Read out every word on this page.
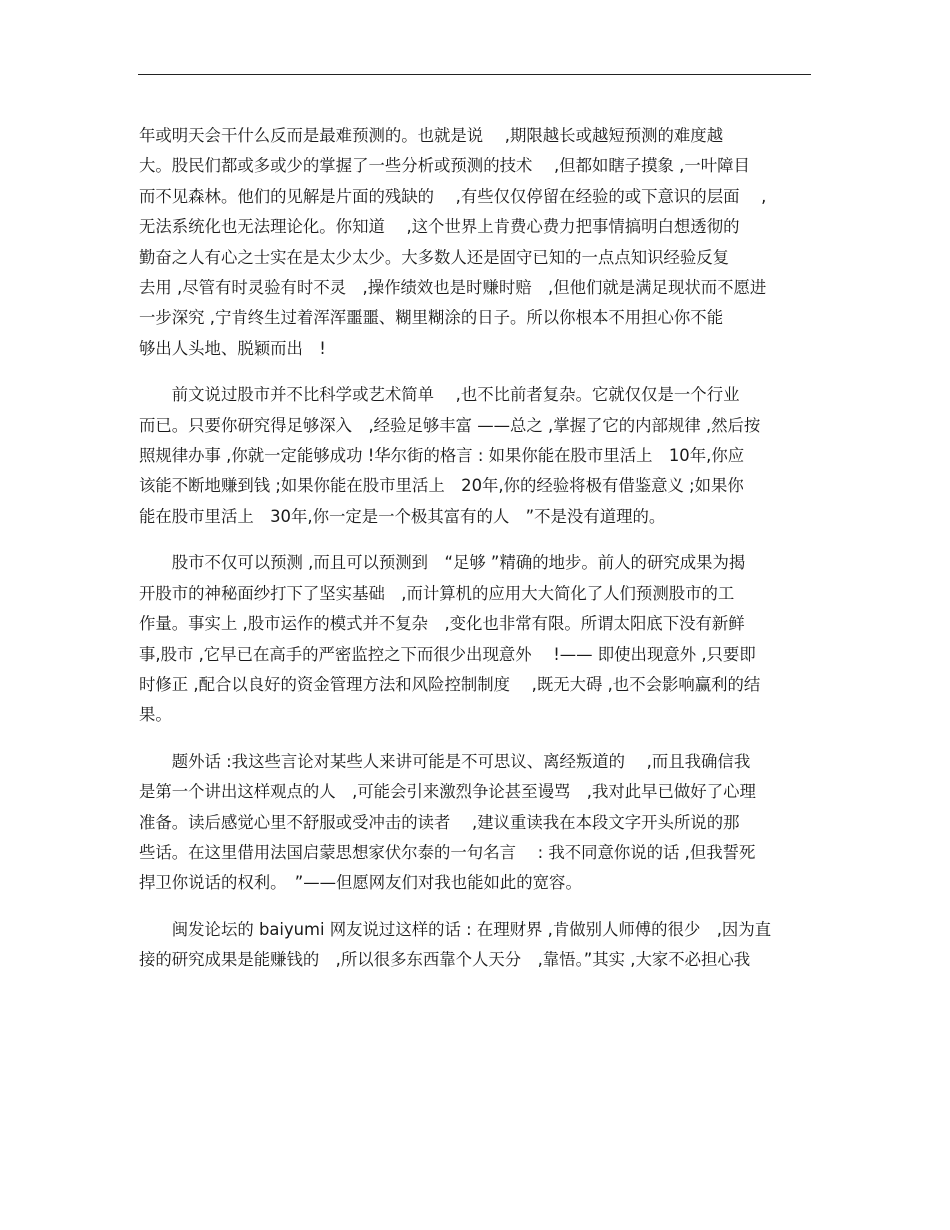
年或明天会干什么反而是最难预测的。也就是说　 ,期限越长或越短预测的难度越
大。股民们都或多或少的掌握了一些分析或预测的技术　 ,但都如瞎子摸象 ,一叶障目
而不见森林。他们的见解是片面的残缺的　 ,有些仅仅停留在经验的或下意识的层面　 ,
无法系统化也无法理论化。你知道　 ,这个世界上肯费心费力把事情搞明白想透彻的
勤奋之人有心之士实在是太少太少。大多数人还是固守已知的一点点知识经验反复
去用 ,尽管有时灵验有时不灵　,操作绩效也是时赚时赔　,但他们就是满足现状而不愿进
一步深究 ,宁肯终生过着浑浑噩噩、糊里糊涂的日子。所以你根本不用担心你不能
够出人头地、脱颖而出　!
　　前文说过股市并不比科学或艺术简单　 ,也不比前者复杂。它就仅仅是一个行业
而已。只要你研究得足够深入　,经验足够丰富 ——总之 ,掌握了它的内部规律 ,然后按
照规律办事 ,你就一定能够成功 !华尔街的格言 : 如果你能在股市里活上　10年,你应
该能不断地赚到钱 ;如果你能在股市里活上　20年,你的经验将极有借鉴意义 ;如果你
能在股市里活上　30年,你一定是一个极其富有的人　”不是没有道理的。
　　股市不仅可以预测 ,而且可以预测到　“足够 ”精确的地步。前人的研究成果为揭
开股市的神秘面纱打下了坚实基础　,而计算机的应用大大简化了人们预测股市的工
作量。事实上 ,股市运作的模式并不复杂　,变化也非常有限。所谓太阳底下没有新鲜
事,股市 ,它早已在高手的严密监控之下而很少出现意外　 !—— 即使出现意外 ,只要即
时修正 ,配合以良好的资金管理方法和风险控制制度　 ,既无大碍 ,也不会影响赢利的结
果。
　　题外话 :我这些言论对某些人来讲可能是不可思议、离经叛道的　 ,而且我确信我
是第一个讲出这样观点的人　,可能会引来激烈争论甚至谩骂　,我对此早已做好了心理
准备。读后感觉心里不舒服或受冲击的读者　 ,建议重读我在本段文字开头所说的那
些话。在这里借用法国启蒙思想家伏尔泰的一句名言　 : 我不同意你说的话 ,但我誓死
捍卫你说话的权利。　”——但愿网友们对我也能如此的宽容。
　　闽发论坛的 baiyumi 网友说过这样的话 : 在理财界 ,肯做别人师傅的很少　,因为直
接的研究成果是能赚钱的　,所以很多东西靠个人天分　,靠悟。”其实 ,大家不必担心我
